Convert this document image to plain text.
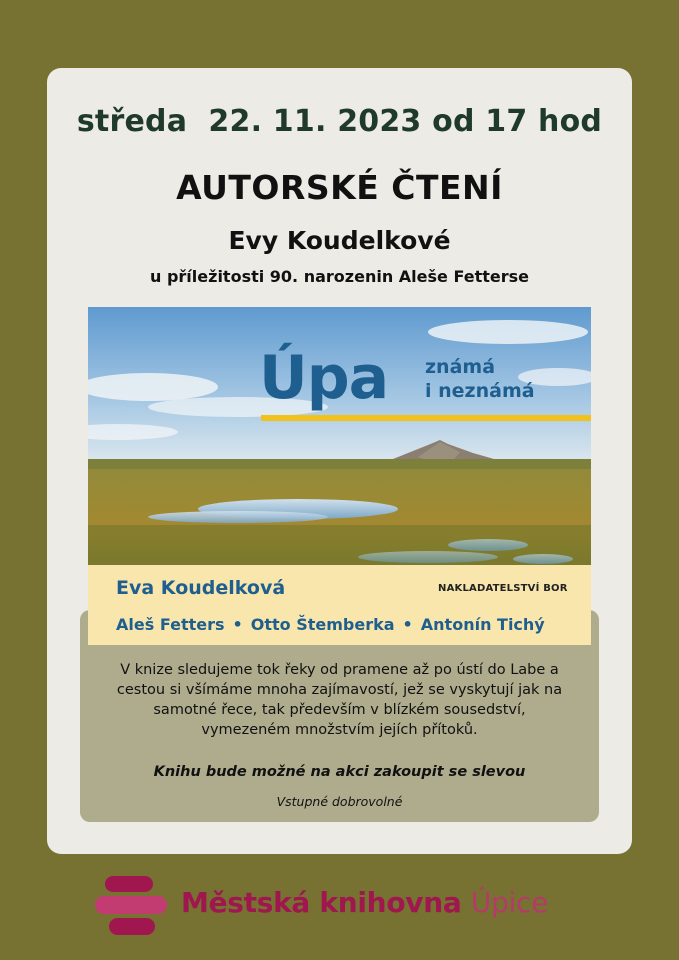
středa  22. 11. 2023 od 17 hod
AUTORSKÉ ČTENÍ
Evy Koudelkové
u příležitosti 90. narozenin Aleše Fetterse
Úpa známá
i neznámá
V knize sledujeme tok řeky od pramene až po ústí do Labe a cestou si všímáme mnoha zajímavostí, jež se vyskytují jak na samotné řece, tak především v blízkém sousedství, vymezeném množstvím jejích přítoků.
Knihu bude možné na akci zakoupit se slevou
Vstupné dobrovolné
Eva Koudelková	NAKLADATELSTVÍ BOR
Aleš Fetters • Otto Štemberka • Antonín Tichý
Městská knihovna Úpice
